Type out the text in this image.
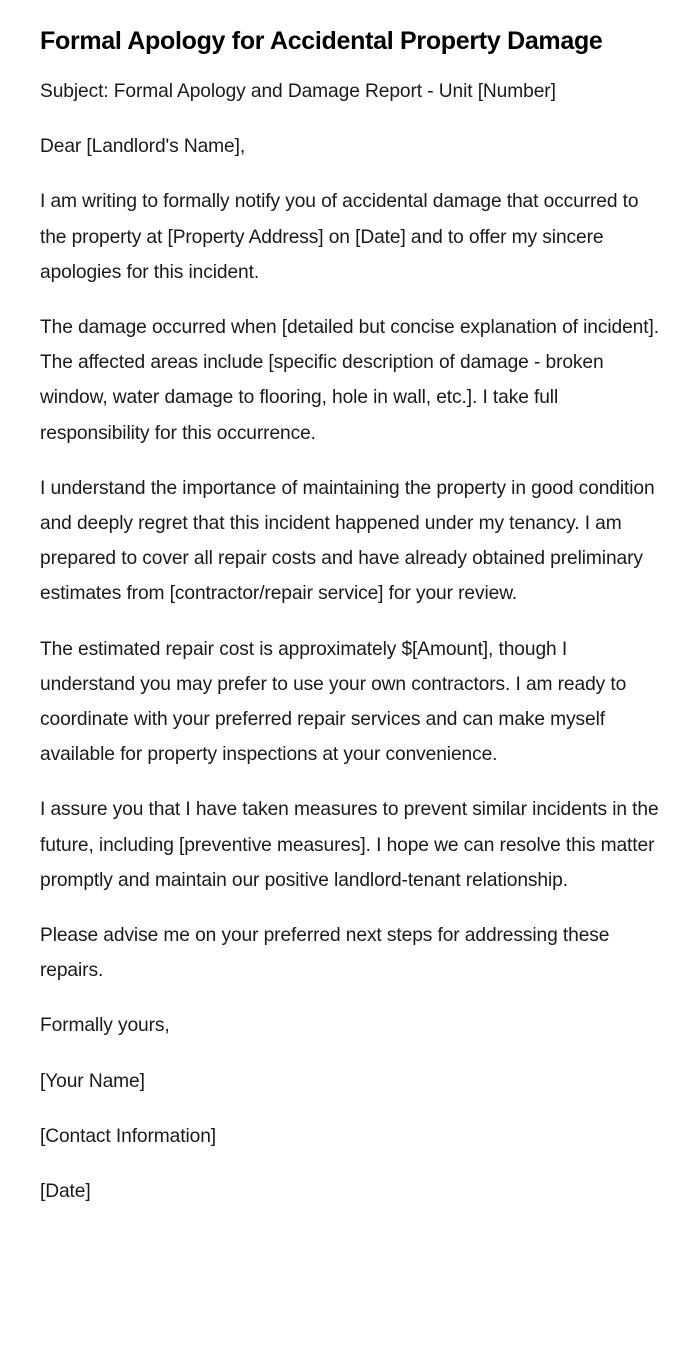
Formal Apology for Accidental Property Damage

Subject: Formal Apology and Damage Report - Unit [Number]

Dear [Landlord's Name],

I am writing to formally notify you of accidental damage that occurred to the property at [Property Address] on [Date] and to offer my sincere apologies for this incident.

The damage occurred when [detailed but concise explanation of incident]. The affected areas include [specific description of damage - broken window, water damage to flooring, hole in wall, etc.]. I take full responsibility for this occurrence.

I understand the importance of maintaining the property in good condition and deeply regret that this incident happened under my tenancy. I am prepared to cover all repair costs and have already obtained preliminary estimates from [contractor/repair service] for your review.

The estimated repair cost is approximately $[Amount], though I understand you may prefer to use your own contractors. I am ready to coordinate with your preferred repair services and can make myself available for property inspections at your convenience.

I assure you that I have taken measures to prevent similar incidents in the future, including [preventive measures]. I hope we can resolve this matter promptly and maintain our positive landlord-tenant relationship.

Please advise me on your preferred next steps for addressing these repairs.

Formally yours,

[Your Name]

[Contact Information]

[Date]
